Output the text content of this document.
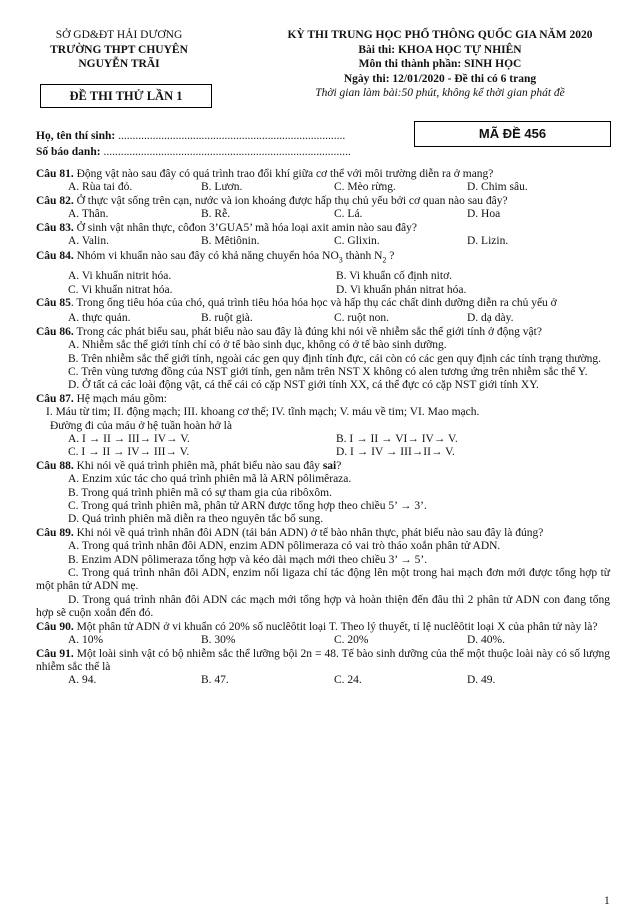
SỞ GD&ĐT HẢI DƯƠNG
TRƯỜNG THPT CHUYÊN
NGUYỄN TRÃI
ĐỀ THI THỬ LẦN 1
KỲ THI TRUNG HỌC PHỔ THÔNG QUỐC GIA NĂM 2020
Bài thi: KHOA HỌC TỰ NHIÊN
Môn thi thành phần: SINH HỌC
Ngày thi: 12/01/2020 - Đề thi có 6 trang
Thời gian làm bài:50 phút, không kể thời gian phát đề
Họ, tên thí sinh: ...............................................................................
Số báo danh: ......................................................................................
MÃ ĐỀ 456

Câu 81. Động vật nào sau đây có quá trình trao đổi khí giữa cơ thể với môi trường diễn ra ở mang?

A. Rùa tai đỏ.	B. Lươn.	C. Mèo rừng.	D. Chim sâu.

Câu 82. Ở thực vật sống trên cạn, nước và ion khoáng được hấp thụ chủ yếu bởi cơ quan nào sau đây?

A. Thân.	B. Rễ.	C. Lá.	D. Hoa

Câu 83. Ở sinh vật nhân thực, côđon 3’GUA5’ mã hóa loại axit amin nào sau đây?

A. Valin.	B. Mêtiônin.	C. Glixin.	D. Lizin.

Câu 84. Nhóm vi khuẩn nào sau đây có khả năng chuyển hóa $NO_3$ thành $N_2$ ?

A. Vi khuẩn nitrit hóa.	B. Vi khuẩn cố định nitơ.
C. Vi khuẩn nitrat hóa.	D. Vi khuẩn phản nitrat hóa.

Câu 85. Trong ống tiêu hóa của chó, quá trình tiêu hóa hóa học và hấp thụ các chất dinh dưỡng diễn ra chủ yếu ở

A. thực quản.	B. ruột già.	C. ruột non.	D. dạ dày.

Câu 86. Trong các phát biểu sau, phát biểu nào sau đây là đúng khi nói về nhiễm sắc thể giới tính ở động vật?

A. Nhiễm sắc thể giới tính chỉ có ở tế bào sinh dục, không có ở tế bào sinh dưỡng.

B. Trên nhiễm sắc thể giới tính, ngoài các gen quy định tính đực, cái còn có các gen quy định các tính trạng thường.

C. Trên vùng tương đồng của NST giới tính, gen nằm trên NST X không có alen tương ứng trên nhiễm sắc thể Y.

D. Ở tất cả các loài động vật, cá thể cái có cặp NST giới tính XX, cá thể đực có cặp NST giới tính XY.

Câu 87. Hệ mạch máu gồm:

I. Máu từ tim; II. động mạch; III. khoang cơ thể; IV. tĩnh mạch; V. máu về tim; VI. Mao mạch.

Đường đi của máu ở hệ tuần hoàn hở là

A. I → II → III→ IV→ V.	B. I → II → VI→ IV→ V.
C. I → II → IV→ III→ V.	D. I → IV → III→II→ V.

Câu 88. Khi nói về quá trình phiên mã, phát biểu nào sau đây sai?

A. Enzim xúc tác cho quá trình phiên mã là ARN pôlimêraza.

B. Trong quá trình phiên mã có sự tham gia của ribôxôm.

C. Trong quá trình phiên mã, phân tử ARN được tổng hợp theo chiều 5’ → 3’.

D. Quá trình phiên mã diễn ra theo nguyên tắc bổ sung.

Câu 89. Khi nói về quá trình nhân đôi ADN (tái bản ADN) ở tế bào nhân thực, phát biểu nào sau đây là đúng?

A. Trong quá trình nhân đôi ADN, enzim ADN pôlimeraza có vai trò tháo xoắn phân tử ADN.

B. Enzim ADN pôlimeraza tổng hợp và kéo dài mạch mới theo chiều 3’ → 5’.

C. Trong quá trình nhân đôi ADN, enzim nối ligaza chỉ tác động lên một trong hai mạch đơn mới được tổng hợp từ một phân tử ADN mẹ.

D. Trong quá trình nhân đôi ADN các mạch mới tổng hợp và hoàn thiện đến đâu thì 2 phân tử ADN con đang tổng hợp sẽ cuộn xoắn đến đó.

Câu 90. Một phân tử ADN ở vi khuẩn có 20% số nuclêôtit loại T. Theo lý thuyết, tỉ lệ nuclêôtit loại X của phân tử này là?

A. 10%	B. 30%	C. 20%	D. 40%.

Câu 91. Một loài sinh vật có bộ nhiễm sắc thể lưỡng bội 2n = 48. Tế bào sinh dưỡng của thể một thuộc loài này có số lượng nhiễm sắc thể là

A. 94.	B. 47.	C. 24.	D. 49.
1
